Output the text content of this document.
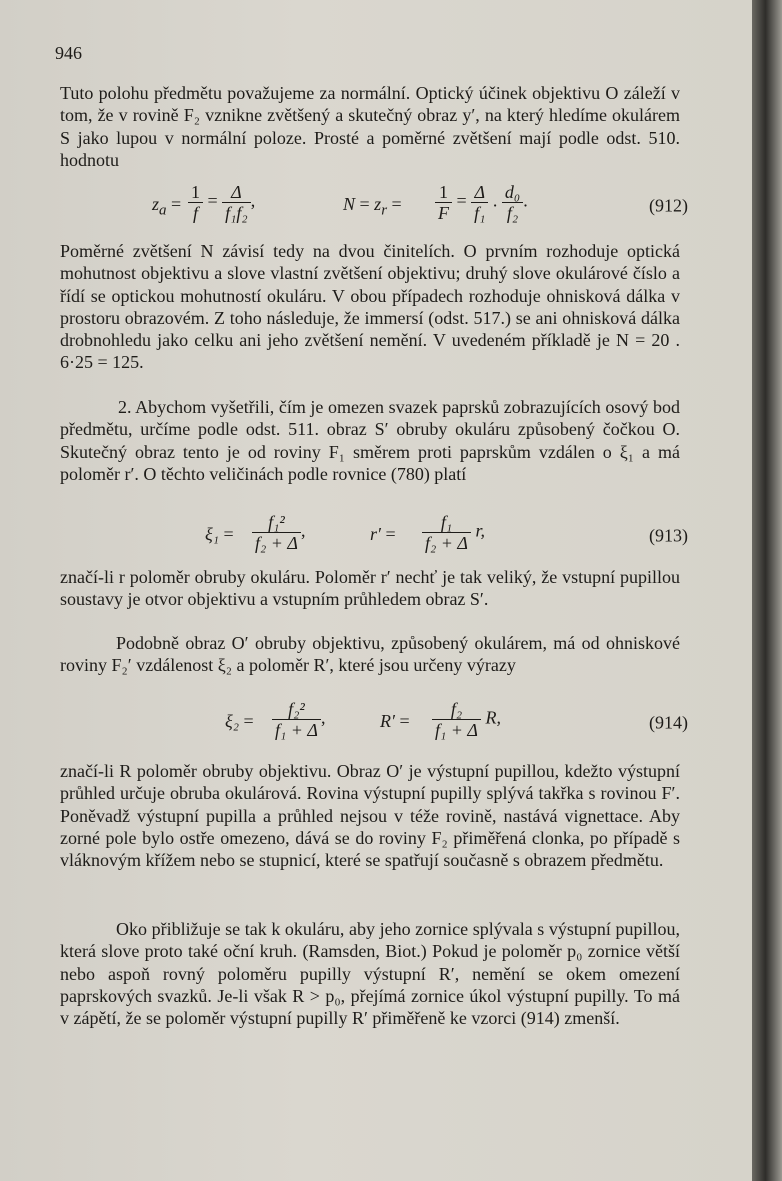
946

Tuto polohu předmětu považujeme za normální. Optický účinek objektivu O záleží v tom, že v rovině F₂ vznikne zvětšený a skutečný obraz y′, na který hledíme okulárem S jako lupou v normální poloze. Prosté a poměrné zvětšení mají podle odst. 510. hodnotu

$z_a = \frac{1}{f} = \frac{\Delta}{\text{f₁f₂}}$ ,	$N = z_r = \frac{1}{F} = \frac{\Delta}{\text{f₁}}$ . $\frac{\text{d₀}}{\text{f₂}}$ .	(912)

Poměrné zvětšení N závisí tedy na dvou činitelích. O prvním rozhoduje optická mohutnost objektivu a slove vlastní zvětšení objektivu; druhý slove okulárové číslo a řídí se optickou mohutností okuláru. V obou případech rozhoduje ohnisková dálka v prostoru obrazovém. Z toho následuje, že immersí (odst. 517.) se ani ohnisková dálka drobnohledu jako celku ani jeho zvětšení nemění. V uvedeném příkladě je N = 20 . 6·25 = 125.

2. Abychom vyšetřili, čím je omezen svazek paprsků zobrazujících osový bod předmětu, určíme podle odst. 511. obraz S′ obruby okuláru způsobený čočkou O. Skutečný obraz tento je od roviny F₁ směrem proti paprskům vzdálen o ξ₁ a má poloměr r′. O těchto veličinách podle rovnice (780) platí

$\xi_1 = \frac{\text{f₁²}}{\text{f₂ + Δ}}$ ,	$r' = \frac{\text{f₁}}{\text{f₂ + Δ}} r$,	(913)

značí-li r poloměr obruby okuláru. Poloměr r′ nechť je tak veliký, že vstupní pupillou soustavy je otvor objektivu a vstupním průhledem obraz S′.

Podobně obraz O′ obruby objektivu, způsobený okulárem, má od ohniskové roviny F₂′ vzdálenost ξ₂ a poloměr R′, které jsou určeny výrazy

$\xi_2 = \frac{\text{f₂²}}{\text{f₁ + Δ}}$ ,	$R' = \frac{\text{f₂}}{\text{f₁ + Δ}} R$,	(914)

značí-li R poloměr obruby objektivu. Obraz O′ je výstupní pupillou, kdežto výstupní průhled určuje obruba okulárová. Rovina výstupní pupilly splývá takřka s rovinou F′. Poněvadž výstupní pupilla a průhled nejsou v téže rovině, nastává vignettace. Aby zorné pole bylo ostře omezeno, dává se do roviny F₂ přiměřená clonka, po případě s vláknovým křížem nebo se stupnicí, které se spatřují současně s obrazem předmětu.

Oko přibližuje se tak k okuláru, aby jeho zornice splývala s výstupní pupillou, která slove proto také oční kruh. (Ramsden, Biot.) Pokud je poloměr p₀ zornice větší nebo aspoň rovný poloměru pupilly výstupní R′, nemění se okem omezení paprskových svazků. Je-li však R > p₀, přejímá zornice úkol výstupní pupilly. To má v zápětí, že se poloměr výstupní pupilly R′ přiměřeně ke vzorci (914) zmenší.
